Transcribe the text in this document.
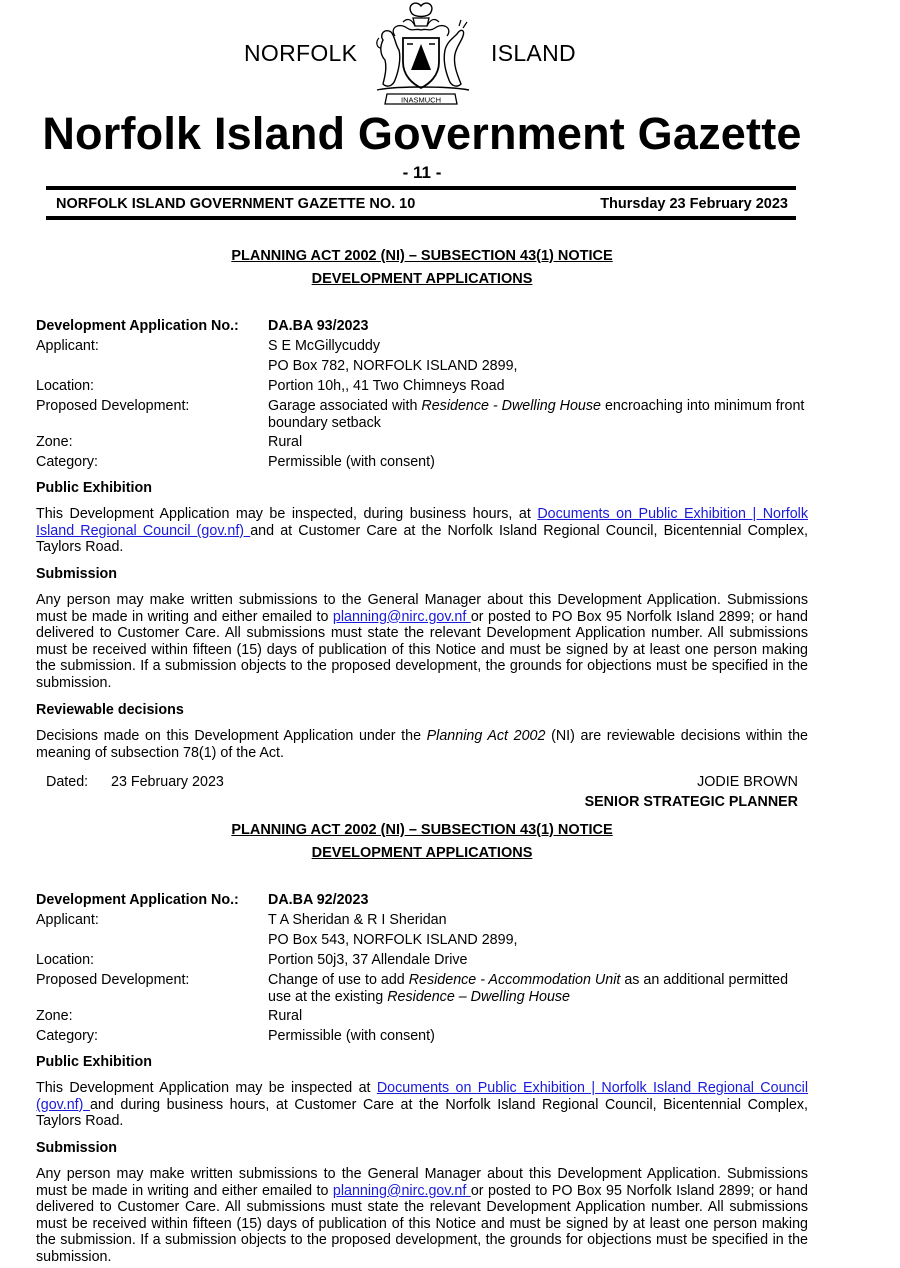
NORFOLK	ISLAND
INASMUCH
Norfolk Island Government Gazette
- 11 -
NORFOLK ISLAND GOVERNMENT GAZETTE NO. 10	Thursday 23 February 2023
PLANNING ACT 2002 (NI) – SUBSECTION 43(1) NOTICE
DEVELOPMENT APPLICATIONS
Development Application No.: DA.BA 93/2023
Applicant:	S E McGillycuddy
PO Box 782, NORFOLK ISLAND 2899,
Location:	Portion 10h,, 41 Two Chimneys Road
Proposed Development:	Garage associated with Residence - Dwelling House encroaching into minimum front boundary setback
Zone:	Rural
Category:	Permissible (with consent)
Public Exhibition
This Development Application may be inspected, during business hours, at Documents on Public Exhibition | Norfolk Island Regional Council (gov.nf) and at Customer Care at the Norfolk Island Regional Council, Bicentennial Complex, Taylors Road.
Submission
Any person may make written submissions to the General Manager about this Development Application. Submissions must be made in writing and either emailed to planning@nirc.gov.nf or posted to PO Box 95 Norfolk Island 2899; or hand delivered to Customer Care. All submissions must state the relevant Development Application number. All submissions must be received within fifteen (15) days of publication of this Notice and must be signed by at least one person making the submission. If a submission objects to the proposed development, the grounds for objections must be specified in the submission.
Reviewable decisions
Decisions made on this Development Application under the Planning Act 2002 (NI) are reviewable decisions within the meaning of subsection 78(1) of the Act.
Dated: 23 February 2023	JODIE BROWN
SENIOR STRATEGIC PLANNER
PLANNING ACT 2002 (NI) – SUBSECTION 43(1) NOTICE
DEVELOPMENT APPLICATIONS
Development Application No.: DA.BA 92/2023
Applicant:	T A Sheridan & R I Sheridan
PO Box 543, NORFOLK ISLAND 2899,
Location:	Portion 50j3, 37 Allendale Drive
Proposed Development:	Change of use to add Residence - Accommodation Unit as an additional permitted use at the existing Residence – Dwelling House
Zone:	Rural
Category:	Permissible (with consent)
Public Exhibition
This Development Application may be inspected at Documents on Public Exhibition | Norfolk Island Regional Council (gov.nf) and during business hours, at Customer Care at the Norfolk Island Regional Council, Bicentennial Complex, Taylors Road.
Submission
Any person may make written submissions to the General Manager about this Development Application. Submissions must be made in writing and either emailed to planning@nirc.gov.nf or posted to PO Box 95 Norfolk Island 2899; or hand delivered to Customer Care. All submissions must state the relevant Development Application number. All submissions must be received within fifteen (15) days of publication of this Notice and must be signed by at least one person making the submission. If a submission objects to the proposed development, the grounds for objections must be specified in the submission.
